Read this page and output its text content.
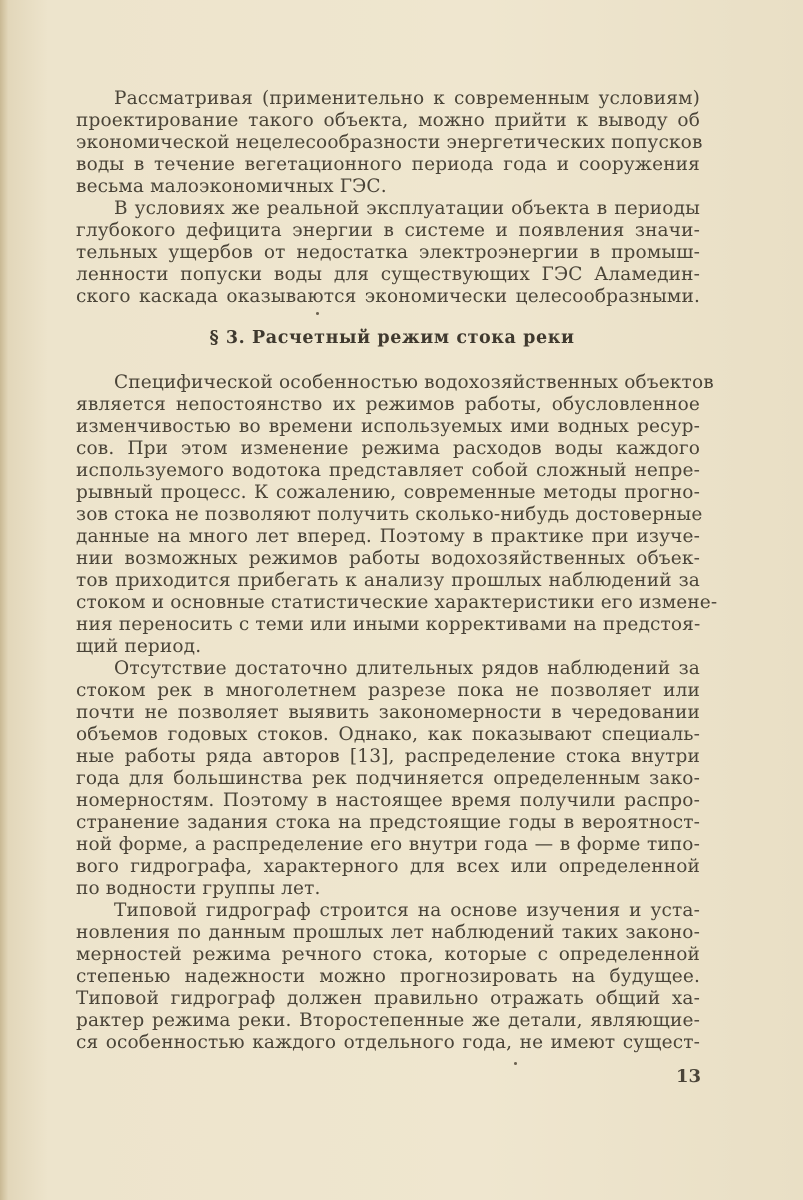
Рассматривая (применительно к современным условиям)
проектирование такого объекта, можно прийти к выводу об
экономической нецелесообразности энергетических попусков
воды в течение вегетационного периода года и сооружения
весьма малоэкономичных ГЭС.
В условиях же реальной эксплуатации объекта в периоды
глубокого дефицита энергии в системе и появления значи-
тельных ущербов от недостатка электроэнергии в промыш-
ленности попуски воды для существующих ГЭС Аламедин-
ского каскада оказываются экономически целесообразными.
§ 3. Расчетный режим стока реки
Специфической особенностью водохозяйственных объектов
является непостоянство их режимов работы, обусловленное
изменчивостью во времени используемых ими водных ресур-
сов. При этом изменение режима расходов воды каждого
используемого водотока представляет собой сложный непре-
рывный процесс. К сожалению, современные методы прогно-
зов стока не позволяют получить сколько-нибудь достоверные
данные на много лет вперед. Поэтому в практике при изуче-
нии возможных режимов работы водохозяйственных объек-
тов приходится прибегать к анализу прошлых наблюдений за
стоком и основные статистические характеристики его измене-
ния переносить с теми или иными коррективами на предстоя-
щий период.
Отсутствие достаточно длительных рядов наблюдений за
стоком рек в многолетнем разрезе пока не позволяет или
почти не позволяет выявить закономерности в чередовании
объемов годовых стоков. Однако, как показывают специаль-
ные работы ряда авторов [13], распределение стока внутри
года для большинства рек подчиняется определенным зако-
номерностям. Поэтому в настоящее время получили распро-
странение задания стока на предстоящие годы в вероятност-
ной форме, а распределение его внутри года — в форме типо-
вого гидрографа, характерного для всех или определенной
по водности группы лет.
Типовой гидрограф строится на основе изучения и уста-
новления по данным прошлых лет наблюдений таких законо-
мерностей режима речного стока, которые с определенной
степенью надежности можно прогнозировать на будущее.
Типовой гидрограф должен правильно отражать общий ха-
рактер режима реки. Второстепенные же детали, являющие-
ся особенностью каждого отдельного года, не имеют сущест-
13
